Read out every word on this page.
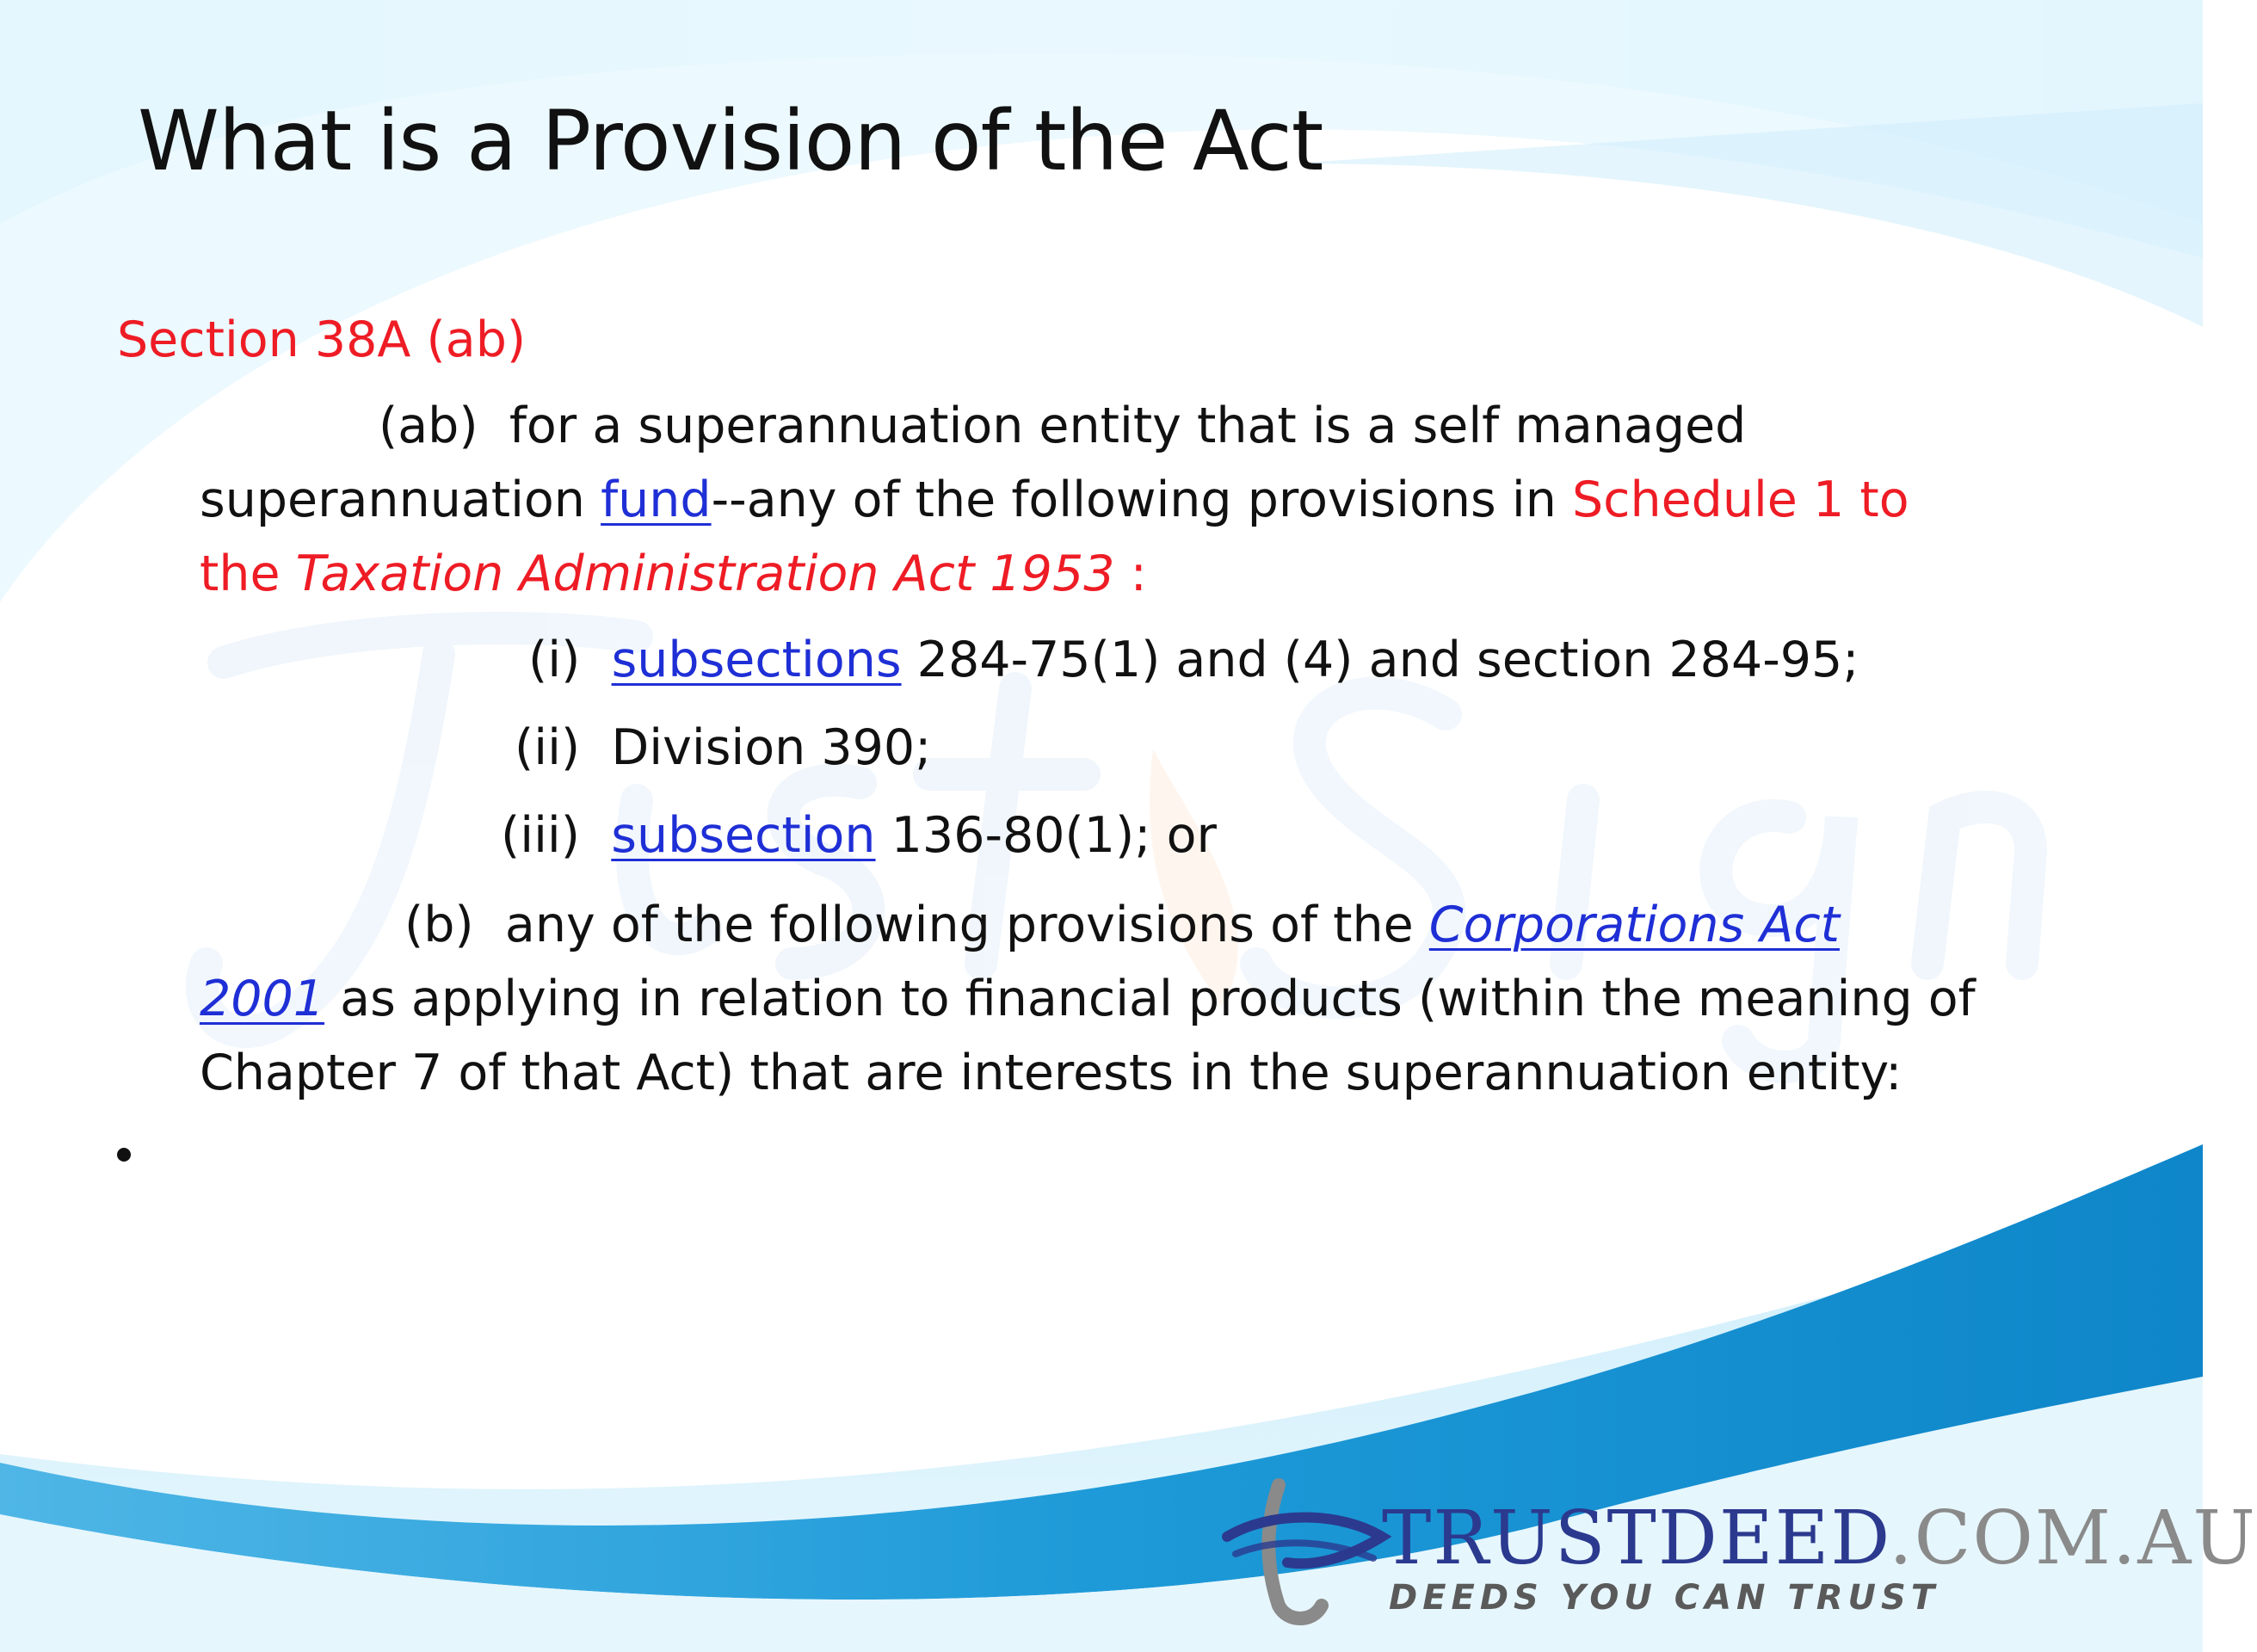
What is a Provision of the Act
Section 38A (ab)
(ab) for a superannuation entity that is a self managed
superannuation fund--any of the following provisions in Schedule 1 to
the Taxation Administration Act 1953 :
(i) subsections 284-75(1) and (4) and section 284-95;
(ii) Division 390;
(iii) subsection 136-80(1); or
(b) any of the following provisions of the Corporations Act
2001 as applying in relation to financial products (within the meaning of
Chapter 7 of that Act) that are interests in the superannuation entity:
TRUSTDEED.COM.AU
DEEDS YOU CAN TRUST
